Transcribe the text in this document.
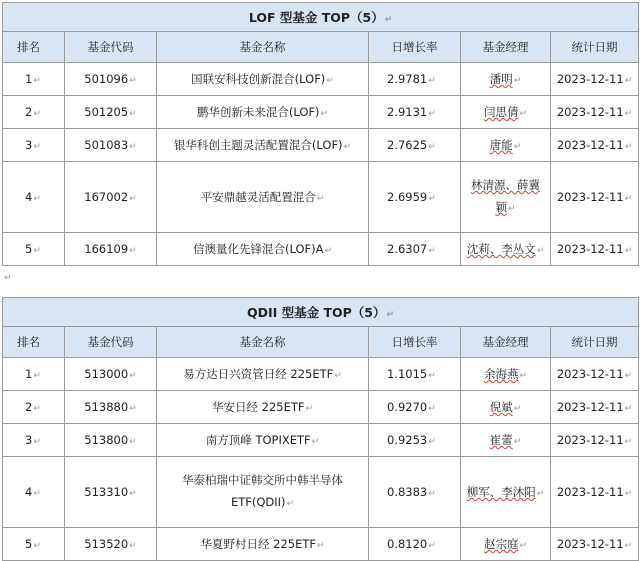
LOF 型基金 TOP（5）↵					
排名	基金代码	基金名称	日增长率	基金经理	统计日期
1↵	501096↵	国联安科技创新混合(LOF)↵	2.9781↵	潘明↵	2023-12-11↵
2↵	501205↵	鹏华创新未来混合(LOF)↵	2.9131↵	闫思倩↵	2023-12-11↵
3↵	501083↵	银华科创主题灵活配置混合(LOF)↵	2.7625↵	唐能↵	2023-12-11↵
4↵	167002↵	平安鼎越灵活配置混合↵	2.6959↵	林清源、薛冀颖↵	2023-12-11↵
5↵	166109↵	信澳量化先锋混合(LOF)A↵	2.6307↵	沈莉、李丛文↵	2023-12-11↵
↵
QDII 型基金 TOP（5）↵					
排名	基金代码	基金名称	日增长率	基金经理	统计日期
1↵	513000↵	易方达日兴资管日经 225ETF↵	1.1015↵	余海燕↵	2023-12-11↵
2↵	513880↵	华安日经 225ETF↵	0.9270↵	倪斌↵	2023-12-11↵
3↵	513800↵	南方顶峰 TOPIXETF↵	0.9253↵	崔蕾↵	2023-12-11↵
4↵	513310↵	华泰柏瑞中证韩交所中韩半导体ETF(QDII)↵	0.8383↵	柳军、李沐阳↵	2023-12-11↵
5↵	513520↵	华夏野村日经 225ETF↵	0.8120↵	赵宗庭↵	2023-12-11↵
